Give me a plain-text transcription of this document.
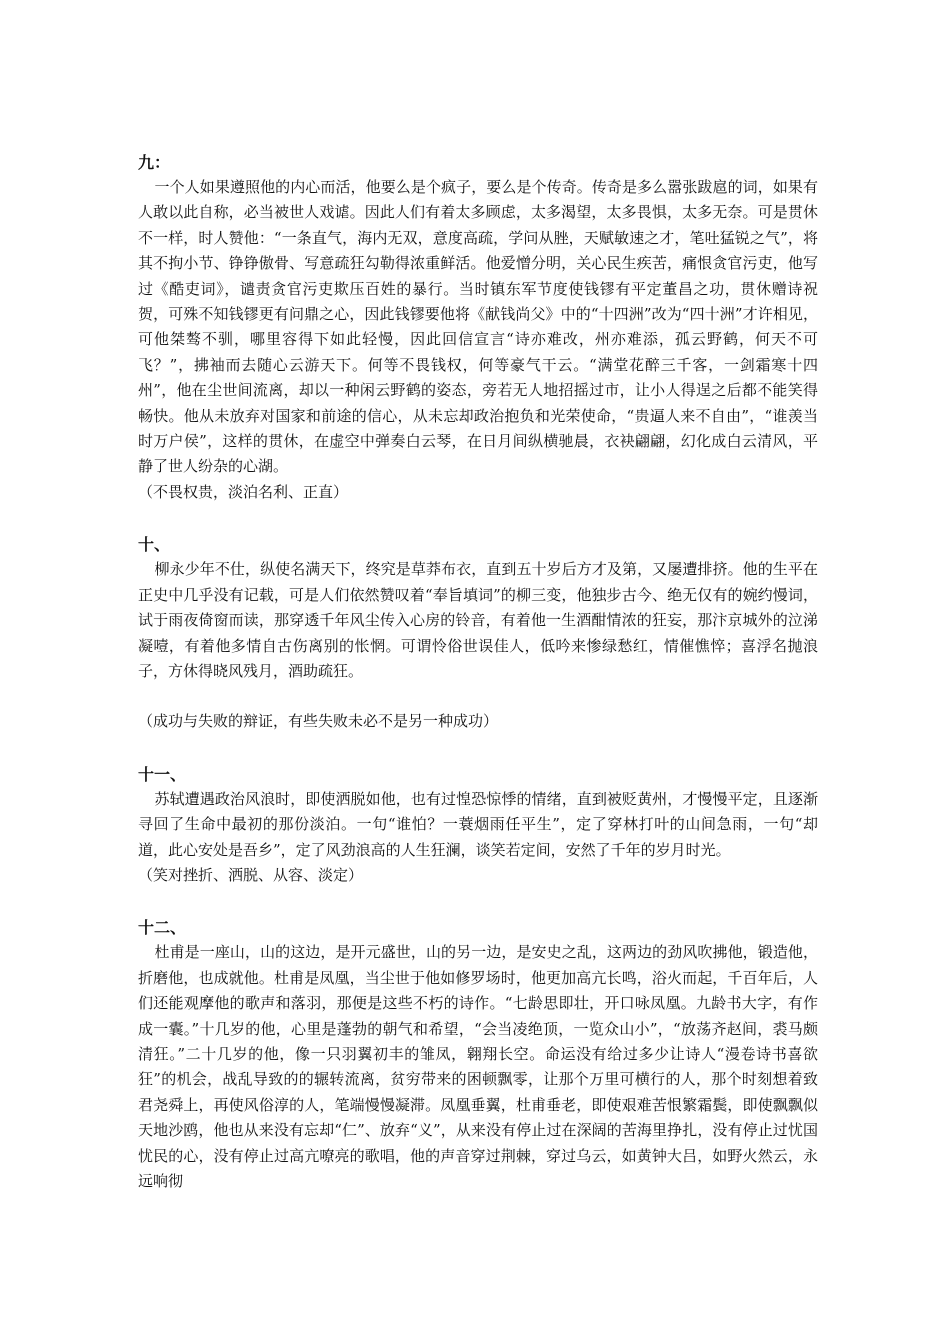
九：

一个人如果遵照他的内心而活，他要么是个疯子，要么是个传奇。传奇是多么嚣张跋扈的词，如果有人敢以此自称，必当被世人戏谑。因此人们有着太多顾虑，太多渴望，太多畏惧，太多无奈。可是贯休不一样，时人赞他：“一条直气，海内无双，意度高疏，学问从脞，天赋敏速之才，笔吐猛锐之气”，将其不拘小节、铮铮傲骨、写意疏狂勾勒得浓重鲜活。他爱憎分明，关心民生疾苦，痛恨贪官污吏，他写过《酷吏词》，谴责贪官污吏欺压百姓的暴行。当时镇东军节度使钱镠有平定董昌之功，贯休赠诗祝贺，可殊不知钱镠更有问鼎之心，因此钱镠要他将《献钱尚父》中的“十四洲”改为“四十洲”才许相见，可他桀骜不驯，哪里容得下如此轻慢，因此回信宣言“诗亦难改，州亦难添，孤云野鹤，何天不可飞？”，拂袖而去随心云游天下。何等不畏钱权，何等豪气干云。“满堂花醉三千客，一剑霜寒十四州”，他在尘世间流离，却以一种闲云野鹤的姿态，旁若无人地招摇过市，让小人得逞之后都不能笑得畅快。他从未放弃对国家和前途的信心，从未忘却政治抱负和光荣使命，“贵逼人来不自由”，“谁羡当时万户侯”，这样的贯休，在虚空中弹奏白云琴，在日月间纵横驰晨，衣袂翩翩，幻化成白云清风，平静了世人纷杂的心湖。

（不畏权贵，淡泊名利、正直）

十、

柳永少年不仕，纵使名满天下，终究是草莽布衣，直到五十岁后方才及第，又屡遭排挤。他的生平在正史中几乎没有记载，可是人们依然赞叹着“奉旨填词”的柳三变，他独步古今、绝无仅有的婉约慢词，试于雨夜倚窗而读，那穿透千年风尘传入心房的铃音，有着他一生酒酣情浓的狂妄，那汴京城外的泣涕凝噎，有着他多情自古伤离别的怅惘。可谓怜俗世误佳人，低吟来惨绿愁红，情催憔悴；喜浮名抛浪子，方休得晓风残月，酒助疏狂。

（成功与失败的辩证，有些失败未必不是另一种成功）

十一、

苏轼遭遇政治风浪时，即使洒脱如他，也有过惶恐惊悸的情绪，直到被贬黄州，才慢慢平定，且逐渐寻回了生命中最初的那份淡泊。一句“谁怕？一蓑烟雨任平生”，定了穿林打叶的山间急雨，一句“却道，此心安处是吾乡”，定了风劲浪高的人生狂澜，谈笑若定间，安然了千年的岁月时光。

（笑对挫折、洒脱、从容、淡定）

十二、

杜甫是一座山，山的这边，是开元盛世，山的另一边，是安史之乱，这两边的劲风吹拂他，锻造他，折磨他，也成就他。杜甫是凤凰，当尘世于他如修罗场时，他更加高亢长鸣，浴火而起，千百年后，人们还能观摩他的歌声和落羽，那便是这些不朽的诗作。“七龄思即壮，开口咏凤凰。九龄书大字，有作成一囊。”十几岁的他，心里是蓬勃的朝气和希望，“会当凌绝顶，一览众山小”，“放荡齐赵间，裘马颇清狂。”二十几岁的他，像一只羽翼初丰的雏凤，翱翔长空。命运没有给过多少让诗人“漫卷诗书喜欲狂”的机会，战乱导致的的辗转流离，贫穷带来的困顿飘零，让那个万里可横行的人，那个时刻想着致君尧舜上，再使风俗淳的人，笔端慢慢凝滞。凤凰垂翼，杜甫垂老，即使艰难苦恨繁霜鬓，即使飘飘似天地沙鸥，他也从来没有忘却“仁”、放弃“义”，从来没有停止过在深阔的苦海里挣扎，没有停止过忧国忧民的心，没有停止过高亢嘹亮的歌唱，他的声音穿过荆棘，穿过乌云，如黄钟大吕，如野火然云，永远响彻
